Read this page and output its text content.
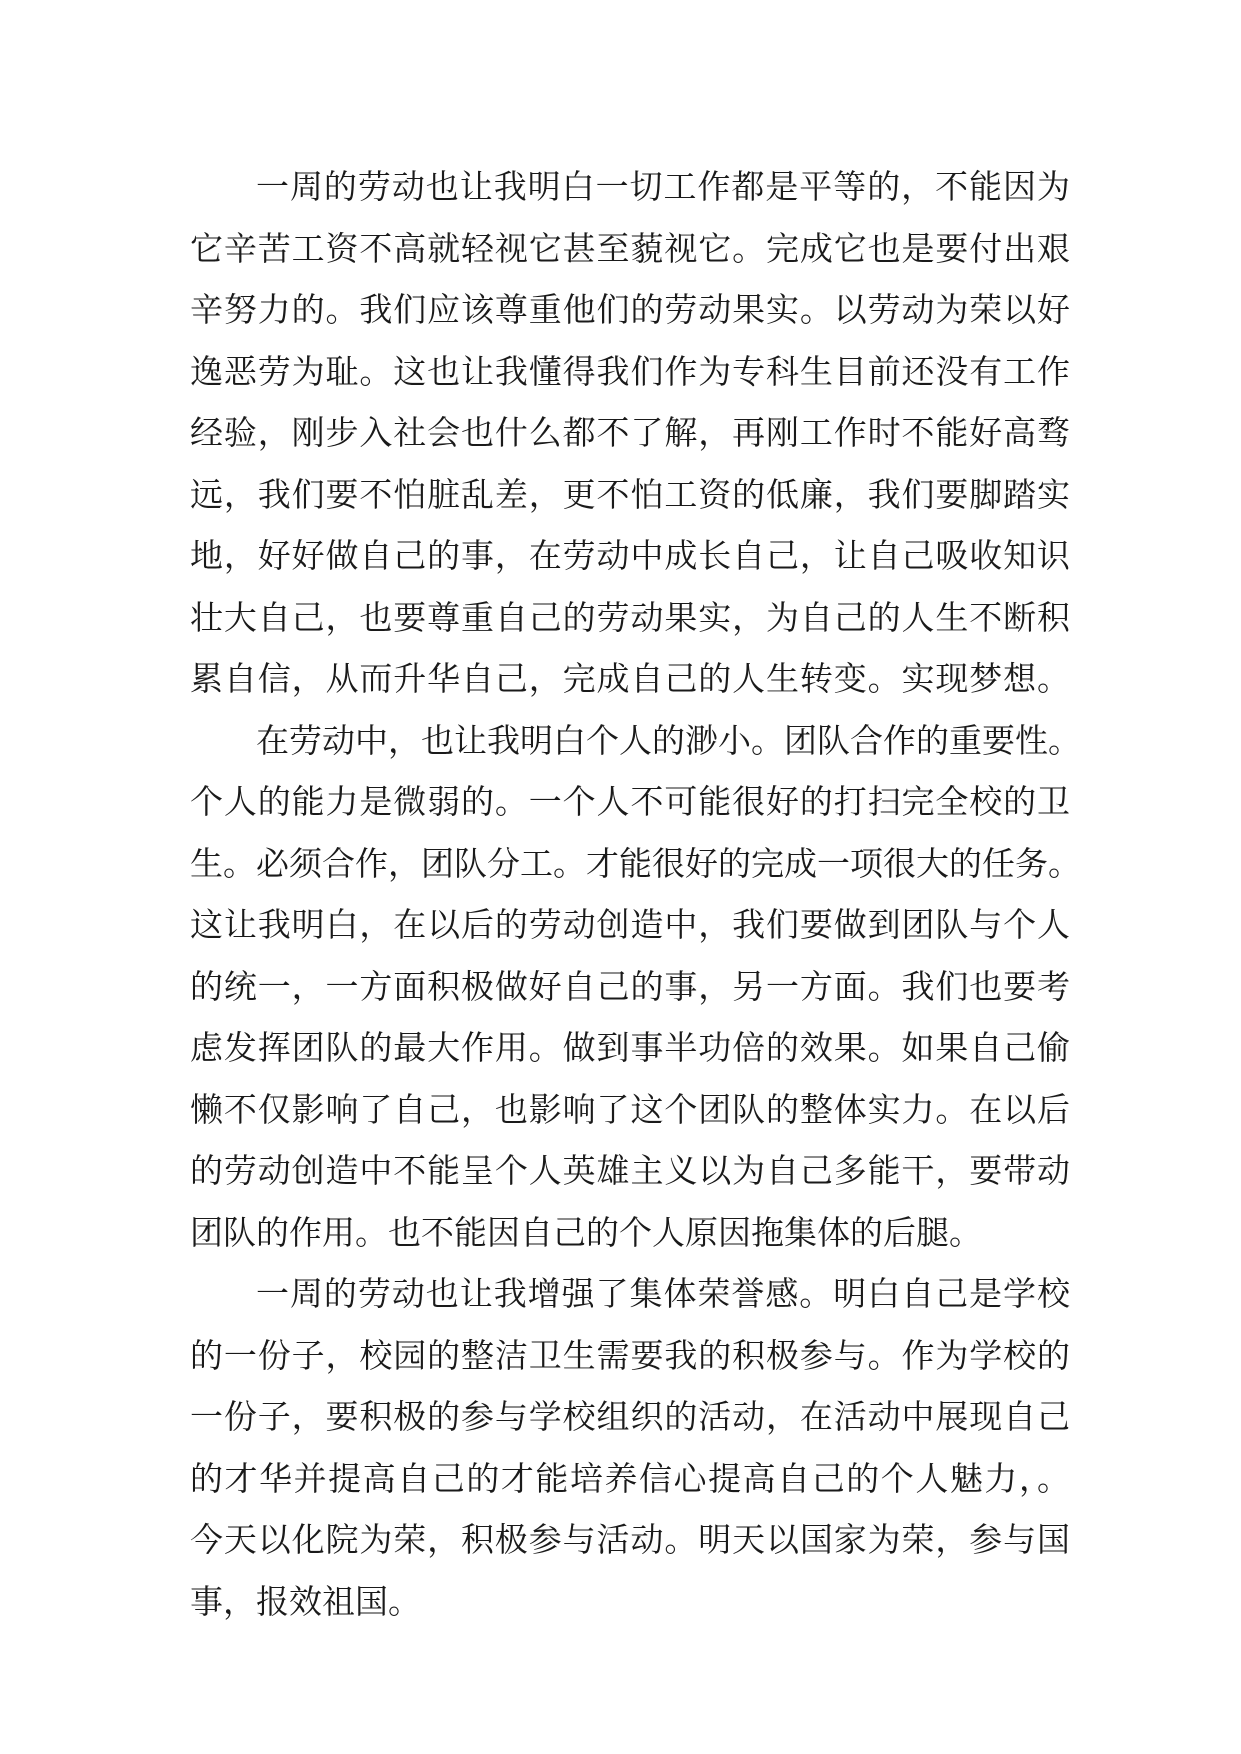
一周的劳动也让我明白一切工作都是平等的，不能因为
它辛苦工资不高就轻视它甚至藐视它。完成它也是要付出艰
辛努力的。我们应该尊重他们的劳动果实。以劳动为荣以好
逸恶劳为耻。这也让我懂得我们作为专科生目前还没有工作
经验，刚步入社会也什么都不了解，再刚工作时不能好高骛
远，我们要不怕脏乱差，更不怕工资的低廉，我们要脚踏实
地，好好做自己的事，在劳动中成长自己，让自己吸收知识
壮大自己，也要尊重自己的劳动果实，为自己的人生不断积
累自信，从而升华自己，完成自己的人生转变。实现梦想。
在劳动中，也让我明白个人的渺小。团队合作的重要性。
个人的能力是微弱的。一个人不可能很好的打扫完全校的卫
生。必须合作，团队分工。才能很好的完成一项很大的任务。
这让我明白，在以后的劳动创造中，我们要做到团队与个人
的统一，一方面积极做好自己的事，另一方面。我们也要考
虑发挥团队的最大作用。做到事半功倍的效果。如果自己偷
懒不仅影响了自己，也影响了这个团队的整体实力。在以后
的劳动创造中不能呈个人英雄主义以为自己多能干，要带动
团队的作用。也不能因自己的个人原因拖集体的后腿。
一周的劳动也让我增强了集体荣誉感。明白自己是学校
的一份子，校园的整洁卫生需要我的积极参与。作为学校的
一份子，要积极的参与学校组织的活动，在活动中展现自己
的才华并提高自己的才能培养信心提高自己的个人魅力，。
今天以化院为荣，积极参与活动。明天以国家为荣，参与国
事，报效祖国。
